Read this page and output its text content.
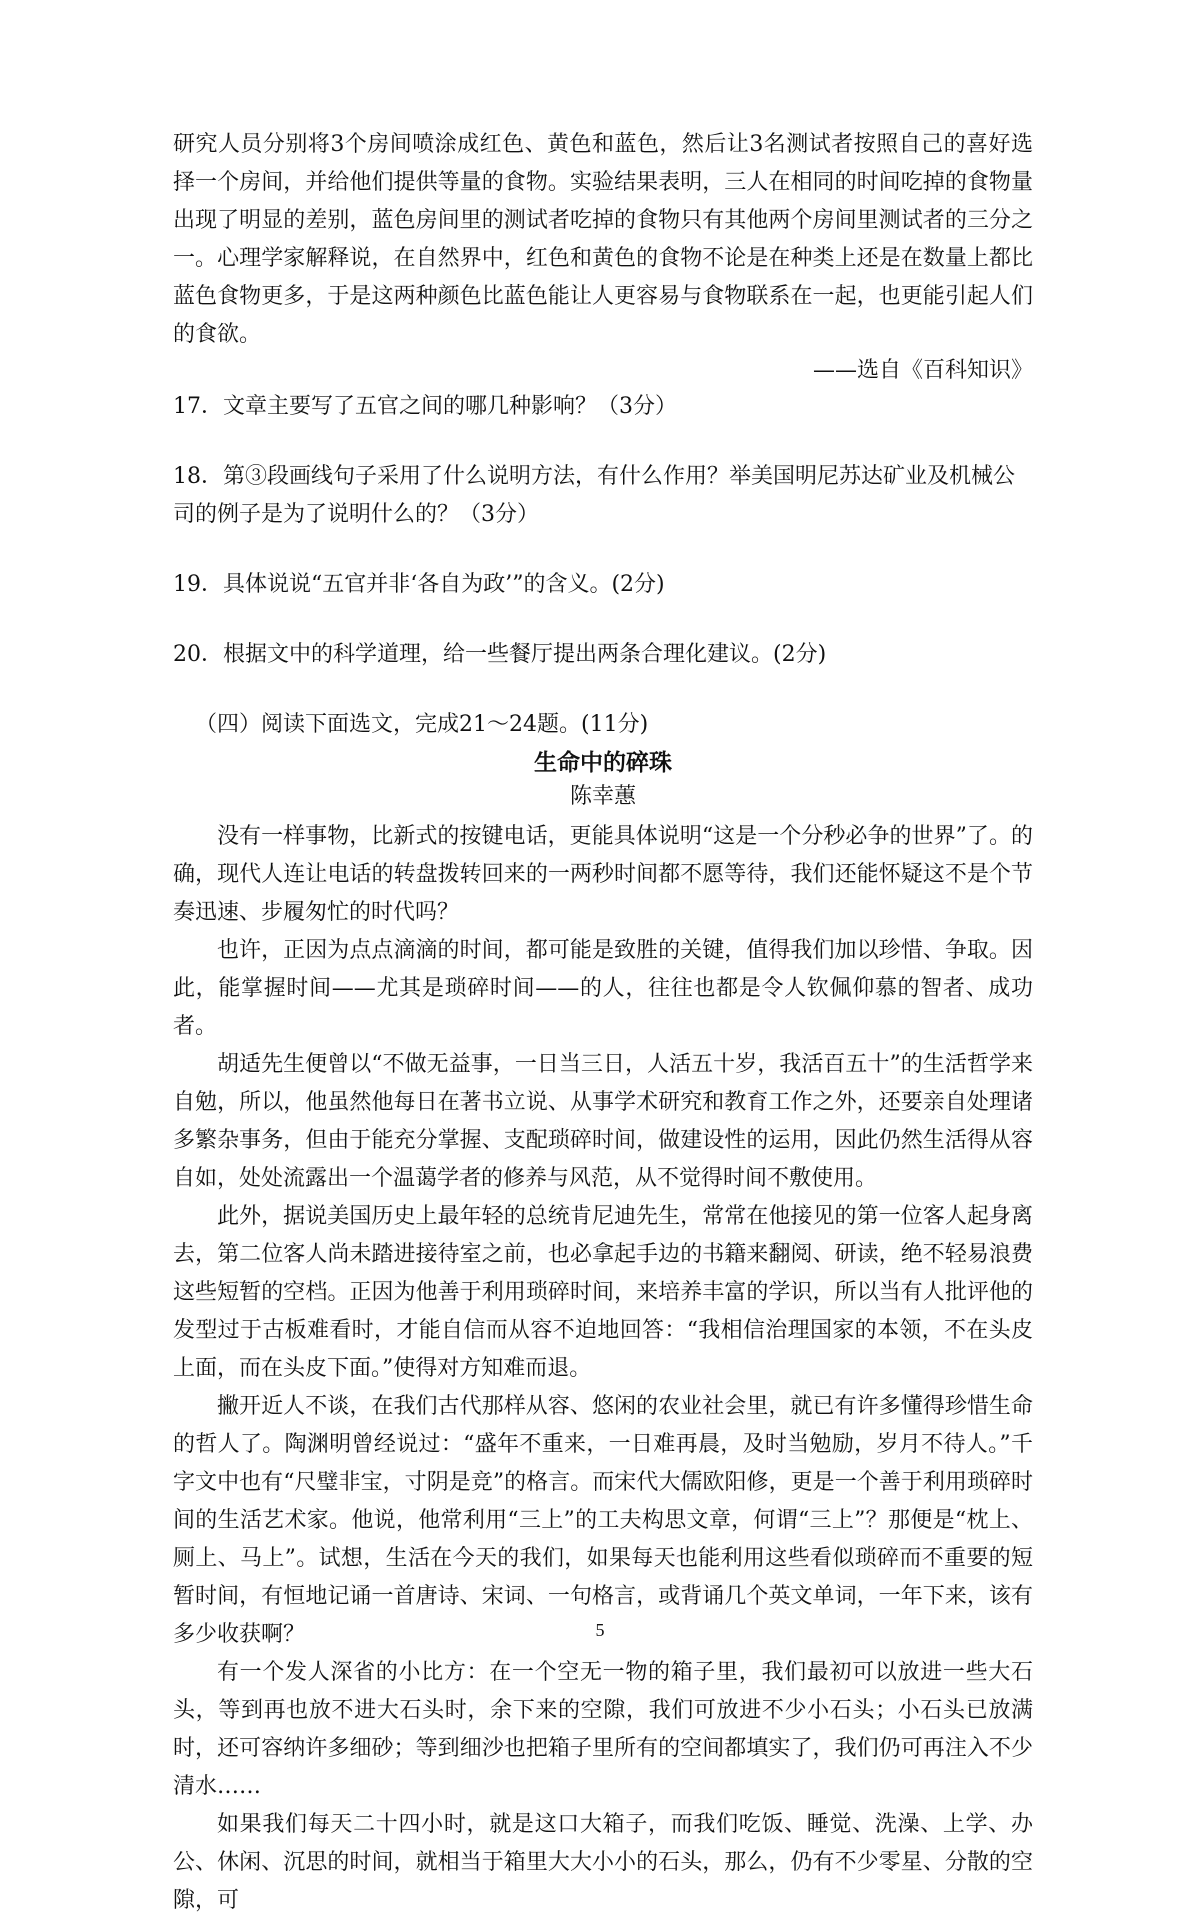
研究人员分别将3个房间喷涂成红色、黄色和蓝色，然后让3名测试者按照自己的喜好选择一个房间，并给他们提供等量的食物。实验结果表明，三人在相同的时间吃掉的食物量出现了明显的差别，蓝色房间里的测试者吃掉的食物只有其他两个房间里测试者的三分之一。心理学家解释说，在自然界中，红色和黄色的食物不论是在种类上还是在数量上都比蓝色食物更多，于是这两种颜色比蓝色能让人更容易与食物联系在一起，也更能引起人们的食欲。

——选自《百科知识》

17．文章主要写了五官之间的哪几种影响？（3分）

18．第③段画线句子采用了什么说明方法，有什么作用？举美国明尼苏达矿业及机械公司的例子是为了说明什么的？（3分）

19．具体说说“五官并非‘各自为政’”的含义。(2分)

20．根据文中的科学道理，给一些餐厅提出两条合理化建议。(2分)

（四）阅读下面选文，完成21～24题。(11分)

生命中的碎珠

陈幸蕙

没有一样事物，比新式的按键电话，更能具体说明“这是一个分秒必争的世界”了。的确，现代人连让电话的转盘拨转回来的一两秒时间都不愿等待，我们还能怀疑这不是个节奏迅速、步履匆忙的时代吗？

也许，正因为点点滴滴的时间，都可能是致胜的关键，值得我们加以珍惜、争取。因此，能掌握时间——尤其是琐碎时间——的人，往往也都是令人钦佩仰慕的智者、成功者。

胡适先生便曾以“不做无益事，一日当三日，人活五十岁，我活百五十”的生活哲学来自勉，所以，他虽然他每日在著书立说、从事学术研究和教育工作之外，还要亲自处理诸多繁杂事务，但由于能充分掌握、支配琐碎时间，做建设性的运用，因此仍然生活得从容自如，处处流露出一个温蔼学者的修养与风范，从不觉得时间不敷使用。

此外，据说美国历史上最年轻的总统肯尼迪先生，常常在他接见的第一位客人起身离去，第二位客人尚未踏进接待室之前，也必拿起手边的书籍来翻阅、研读，绝不轻易浪费这些短暂的空档。正因为他善于利用琐碎时间，来培养丰富的学识，所以当有人批评他的发型过于古板难看时，才能自信而从容不迫地回答：“我相信治理国家的本领，不在头皮上面，而在头皮下面。”使得对方知难而退。

撇开近人不谈，在我们古代那样从容、悠闲的农业社会里，就已有许多懂得珍惜生命的哲人了。陶渊明曾经说过：“盛年不重来，一日难再晨，及时当勉励，岁月不待人。”千字文中也有“尺璧非宝，寸阴是竞”的格言。而宋代大儒欧阳修，更是一个善于利用琐碎时间的生活艺术家。他说，他常利用“三上”的工夫构思文章，何谓“三上”？那便是“枕上、厕上、马上”。试想，生活在今天的我们，如果每天也能利用这些看似琐碎而不重要的短暂时间，有恒地记诵一首唐诗、宋词、一句格言，或背诵几个英文单词，一年下来，该有多少收获啊？

有一个发人深省的小比方：在一个空无一物的箱子里，我们最初可以放进一些大石头，等到再也放不进大石头时，余下来的空隙，我们可放进不少小石头；小石头已放满时，还可容纳许多细砂；等到细沙也把箱子里所有的空间都填实了，我们仍可再注入不少清水……

如果我们每天二十四小时，就是这口大箱子，而我们吃饭、睡觉、洗澡、上学、办公、休闲、沉思的时间，就相当于箱里大大小小的石头，那么，仍有不少零星、分散的空隙，可

5
